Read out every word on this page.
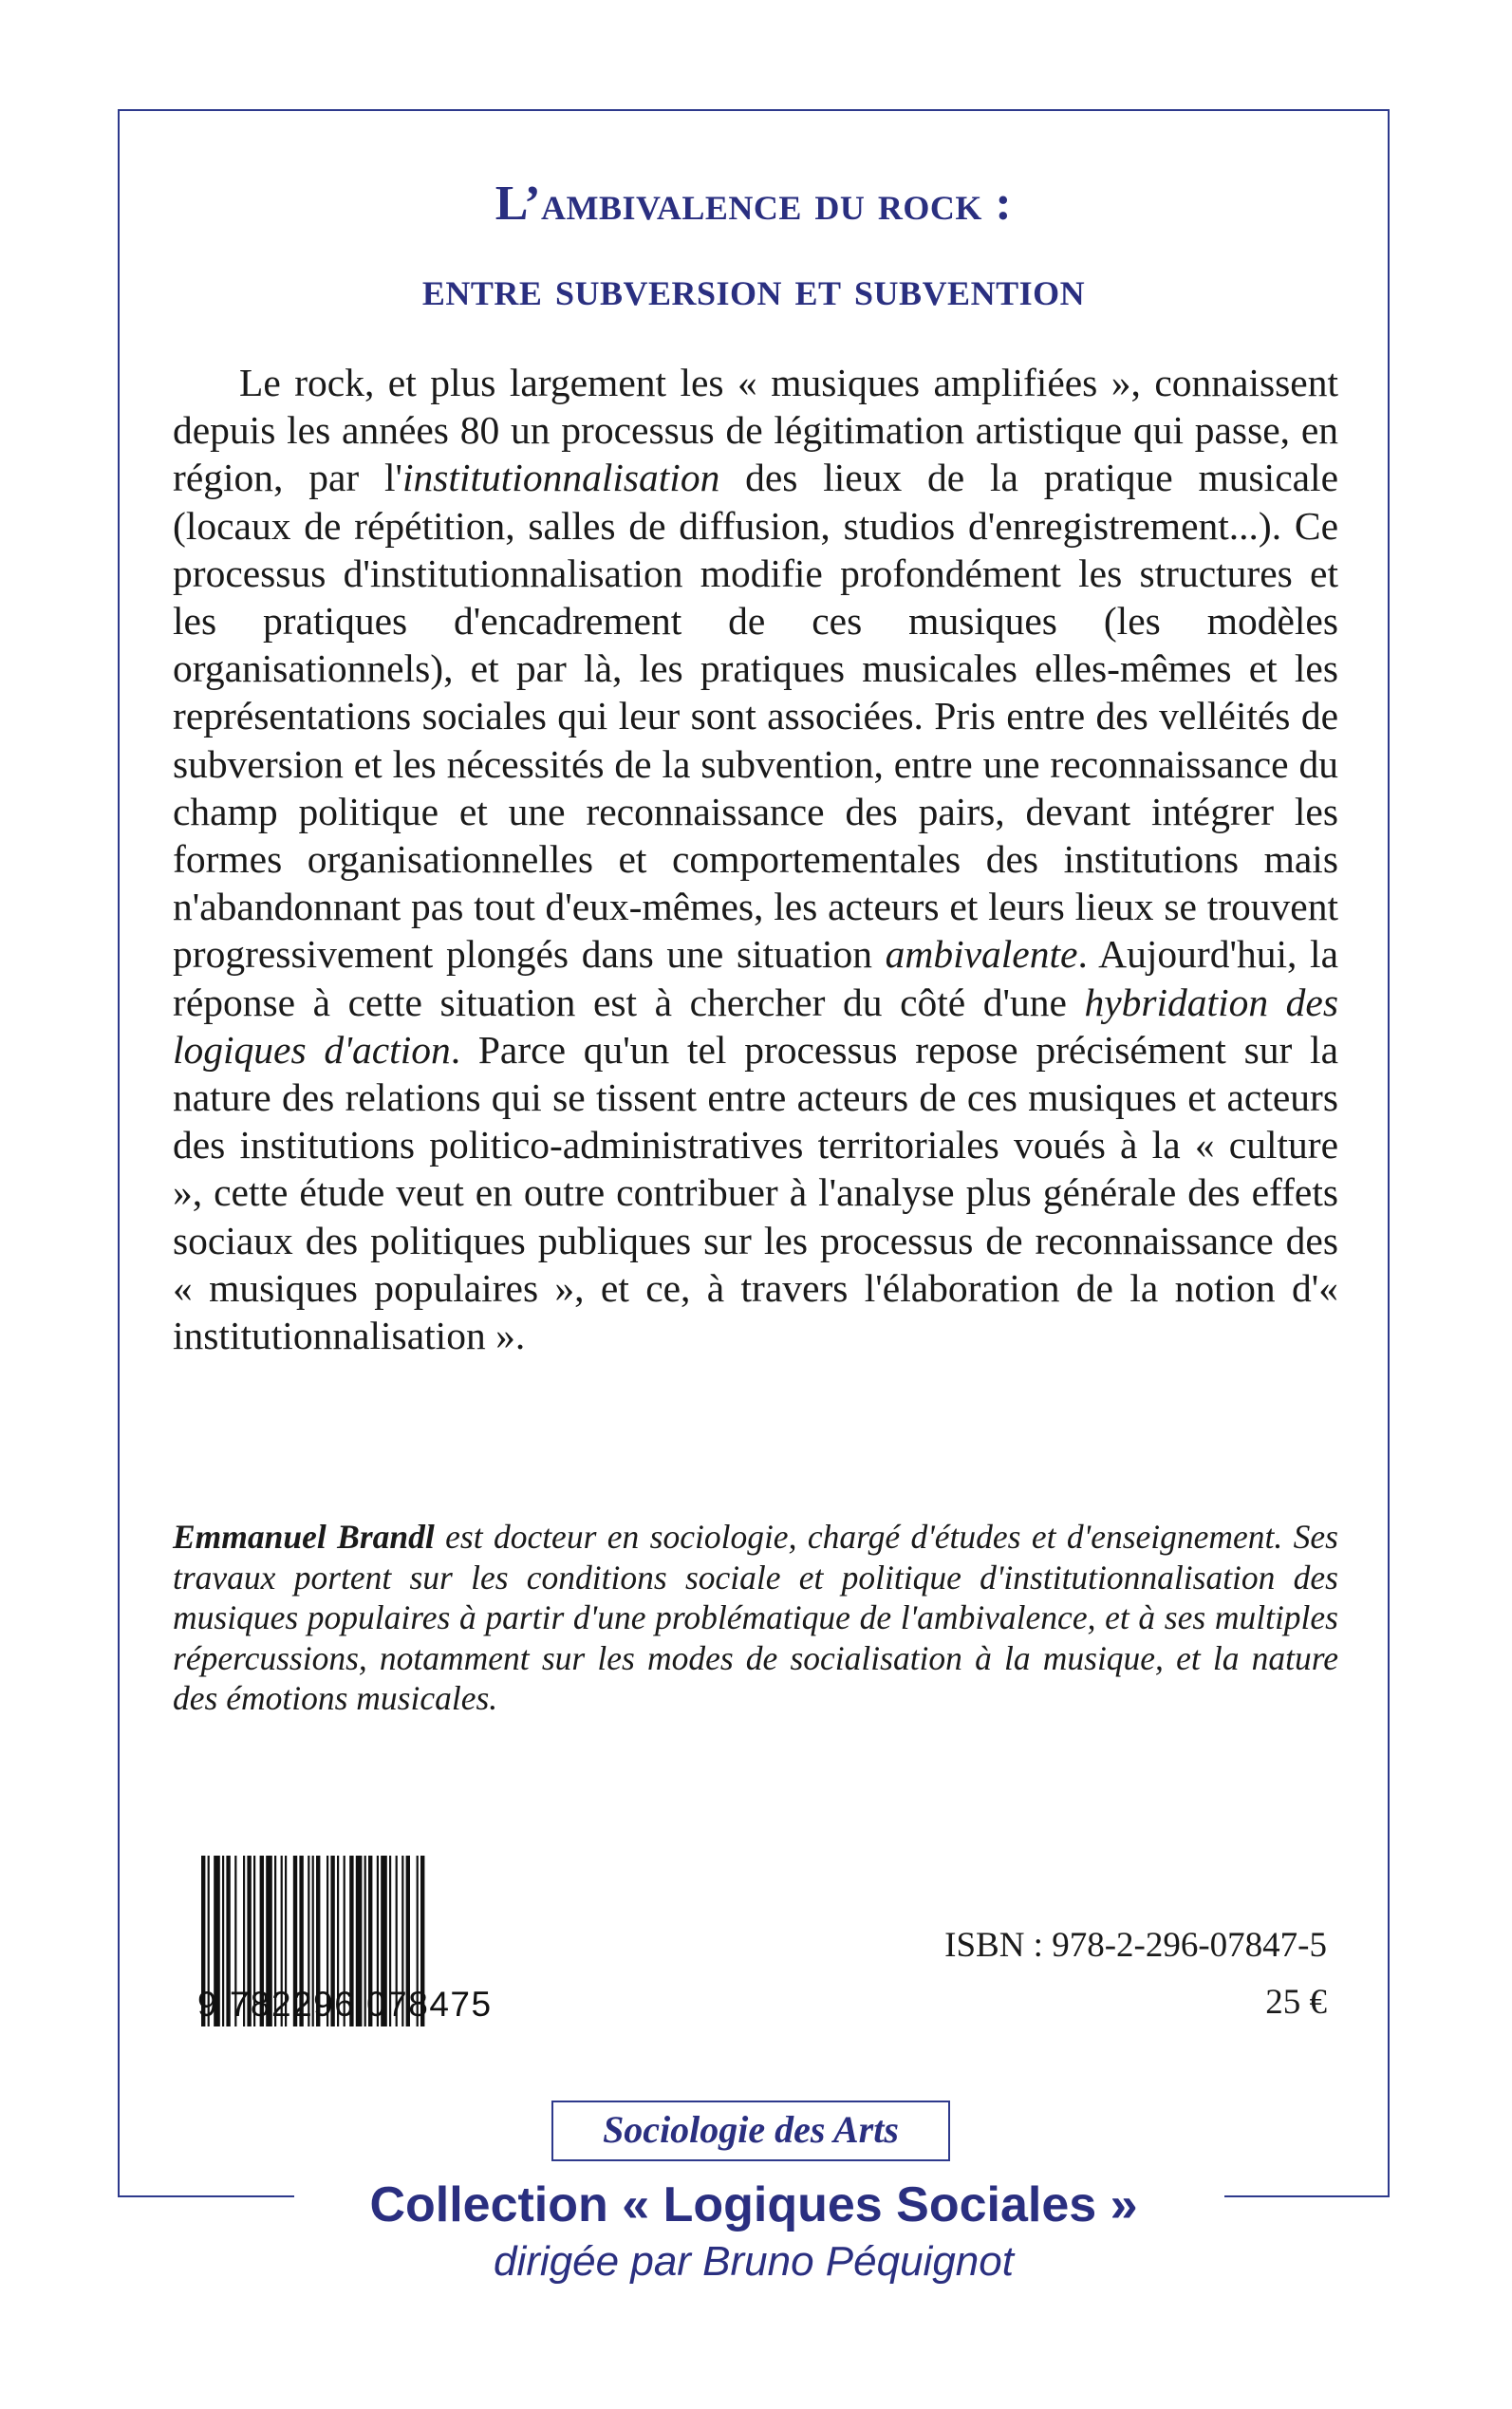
L’ambivalence du rock :
entre subversion et subvention

Le rock, et plus largement les « musiques amplifiées », connaissent depuis les années 80 un processus de légitimation artistique qui passe, en région, par l'institutionnalisation des lieux de la pratique musicale (locaux de répétition, salles de diffusion, studios d'enregistrement...). Ce processus d'institutionnalisation modifie profondément les structures et les pratiques d'encadrement de ces musiques (les modèles organisationnels), et par là, les pratiques musicales elles-mêmes et les représentations sociales qui leur sont associées. Pris entre des velléités de subversion et les nécessités de la subvention, entre une reconnaissance du champ politique et une reconnaissance des pairs, devant intégrer les formes organisationnelles et comportementales des institutions mais n'abandonnant pas tout d'eux-mêmes, les acteurs et leurs lieux se trouvent progressivement plongés dans une situation ambivalente. Aujourd'hui, la réponse à cette situation est à chercher du côté d'une hybridation des logiques d'action. Parce qu'un tel processus repose précisément sur la nature des relations qui se tissent entre acteurs de ces musiques et acteurs des institutions politico-administratives territoriales voués à la « culture », cette étude veut en outre contribuer à l'analyse plus générale des effets sociaux des politiques publiques sur les processus de reconnaissance des « musiques populaires », et ce, à travers l'élaboration de la notion d'« institutionnalisation ».

Emmanuel Brandl est docteur en sociologie, chargé d'études et d'enseignement. Ses travaux portent sur les conditions sociale et politique d'institutionnalisation des musiques populaires à partir d'une problématique de l'ambivalence, et à ses multiples répercussions, notamment sur les modes de socialisation à la musique, et la nature des émotions musicales.

9 782296 078475
ISBN : 978-2-296-07847-5
25 €
Sociologie des Arts
Collection « Logiques Sociales »
dirigée par Bruno Péquignot
